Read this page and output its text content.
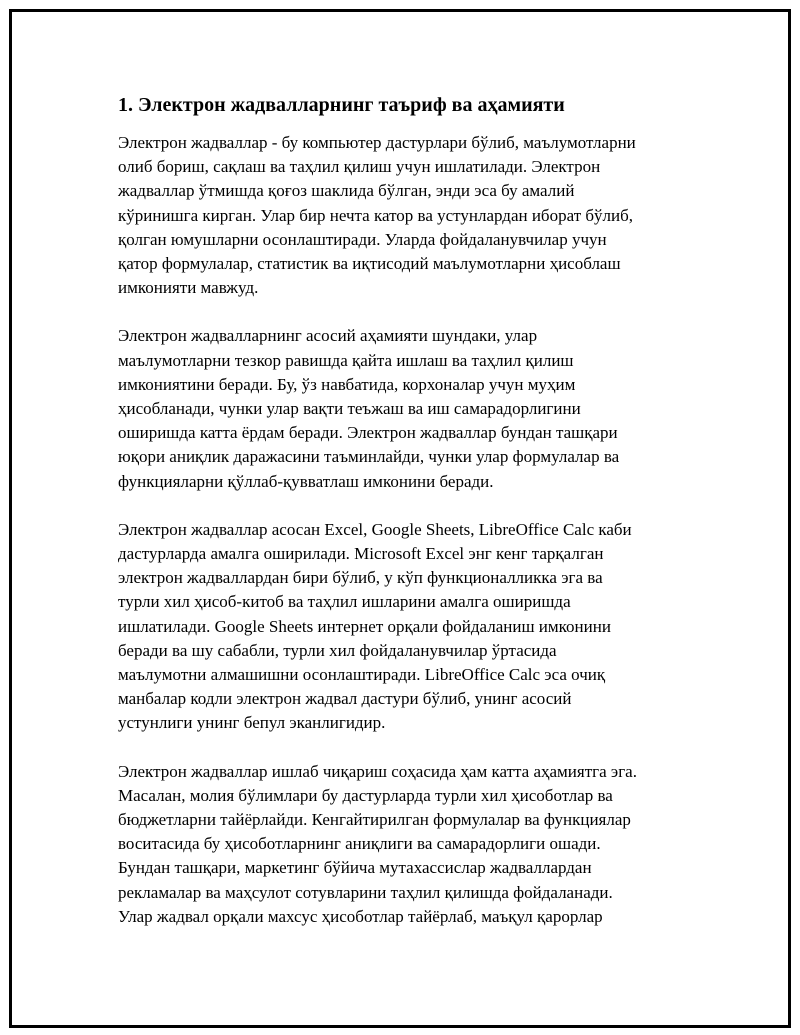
1. Электрон жадвалларнинг таъриф ва аҳамияти

Электрон жадваллар - бу компьютер дастурлари бўлиб, маълумотларни
олиб бориш, сақлаш ва таҳлил қилиш учун ишлатилади. Электрон
жадваллар ўтмишда қоғоз шаклида бўлган, энди эса бу амалий
кўринишга кирган. Улар бир нечта катор ва устунлардан иборат бўлиб,
қолган юмушларни осонлаштиради. Уларда фойдаланувчилар учун
қатор формулалар, статистик ва иқтисодий маълумотларни ҳисоблаш
имконияти мавжуд.

Электрон жадвалларнинг асосий аҳамияти шундаки, улар
маълумотларни тезкор равишда қайта ишлаш ва таҳлил қилиш
имкониятини беради. Бу, ўз навбатида, корхоналар учун муҳим
ҳисобланади, чунки улар вақти теъжаш ва иш самарадорлигини
оширишда катта ёрдам беради. Электрон жадваллар бундан ташқари
юқори аниқлик даражасини таъминлайди, чунки улар формулалар ва
функцияларни қўллаб-қувватлаш имконини беради.

Электрон жадваллар асосан Excel, Google Sheets, LibreOffice Calc каби
дастурларда амалга оширилади. Microsoft Excel энг кенг тарқалган
электрон жадваллардан бири бўлиб, у кўп функционалликка эга ва
турли хил ҳисоб-китоб ва таҳлил ишларини амалга оширишда
ишлатилади. Google Sheets интернет орқали фойдаланиш имконини
беради ва шу сабабли, турли хил фойдаланувчилар ўртасида
маълумотни алмашишни осонлаштиради. LibreOffice Calc эса очиқ
манбалар кодли электрон жадвал дастури бўлиб, унинг асосий
устунлиги унинг бепул эканлигидир.

Электрон жадваллар ишлаб чиқариш соҳасида ҳам катта аҳамиятга эга.
Масалан, молия бўлимлари бу дастурларда турли хил ҳисоботлар ва
бюджетларни тайёрлайди. Кенгайтирилган формулалар ва функциялар
воситасида бу ҳисоботларнинг аниқлиги ва самарадорлиги ошади.
Бундан ташқари, маркетинг бўйича мутахассислар жадваллардан
рекламалар ва маҳсулот сотувларини таҳлил қилишда фойдаланади.
Улар жадвал орқали махсус ҳисоботлар тайёрлаб, маъқул қарорлар
